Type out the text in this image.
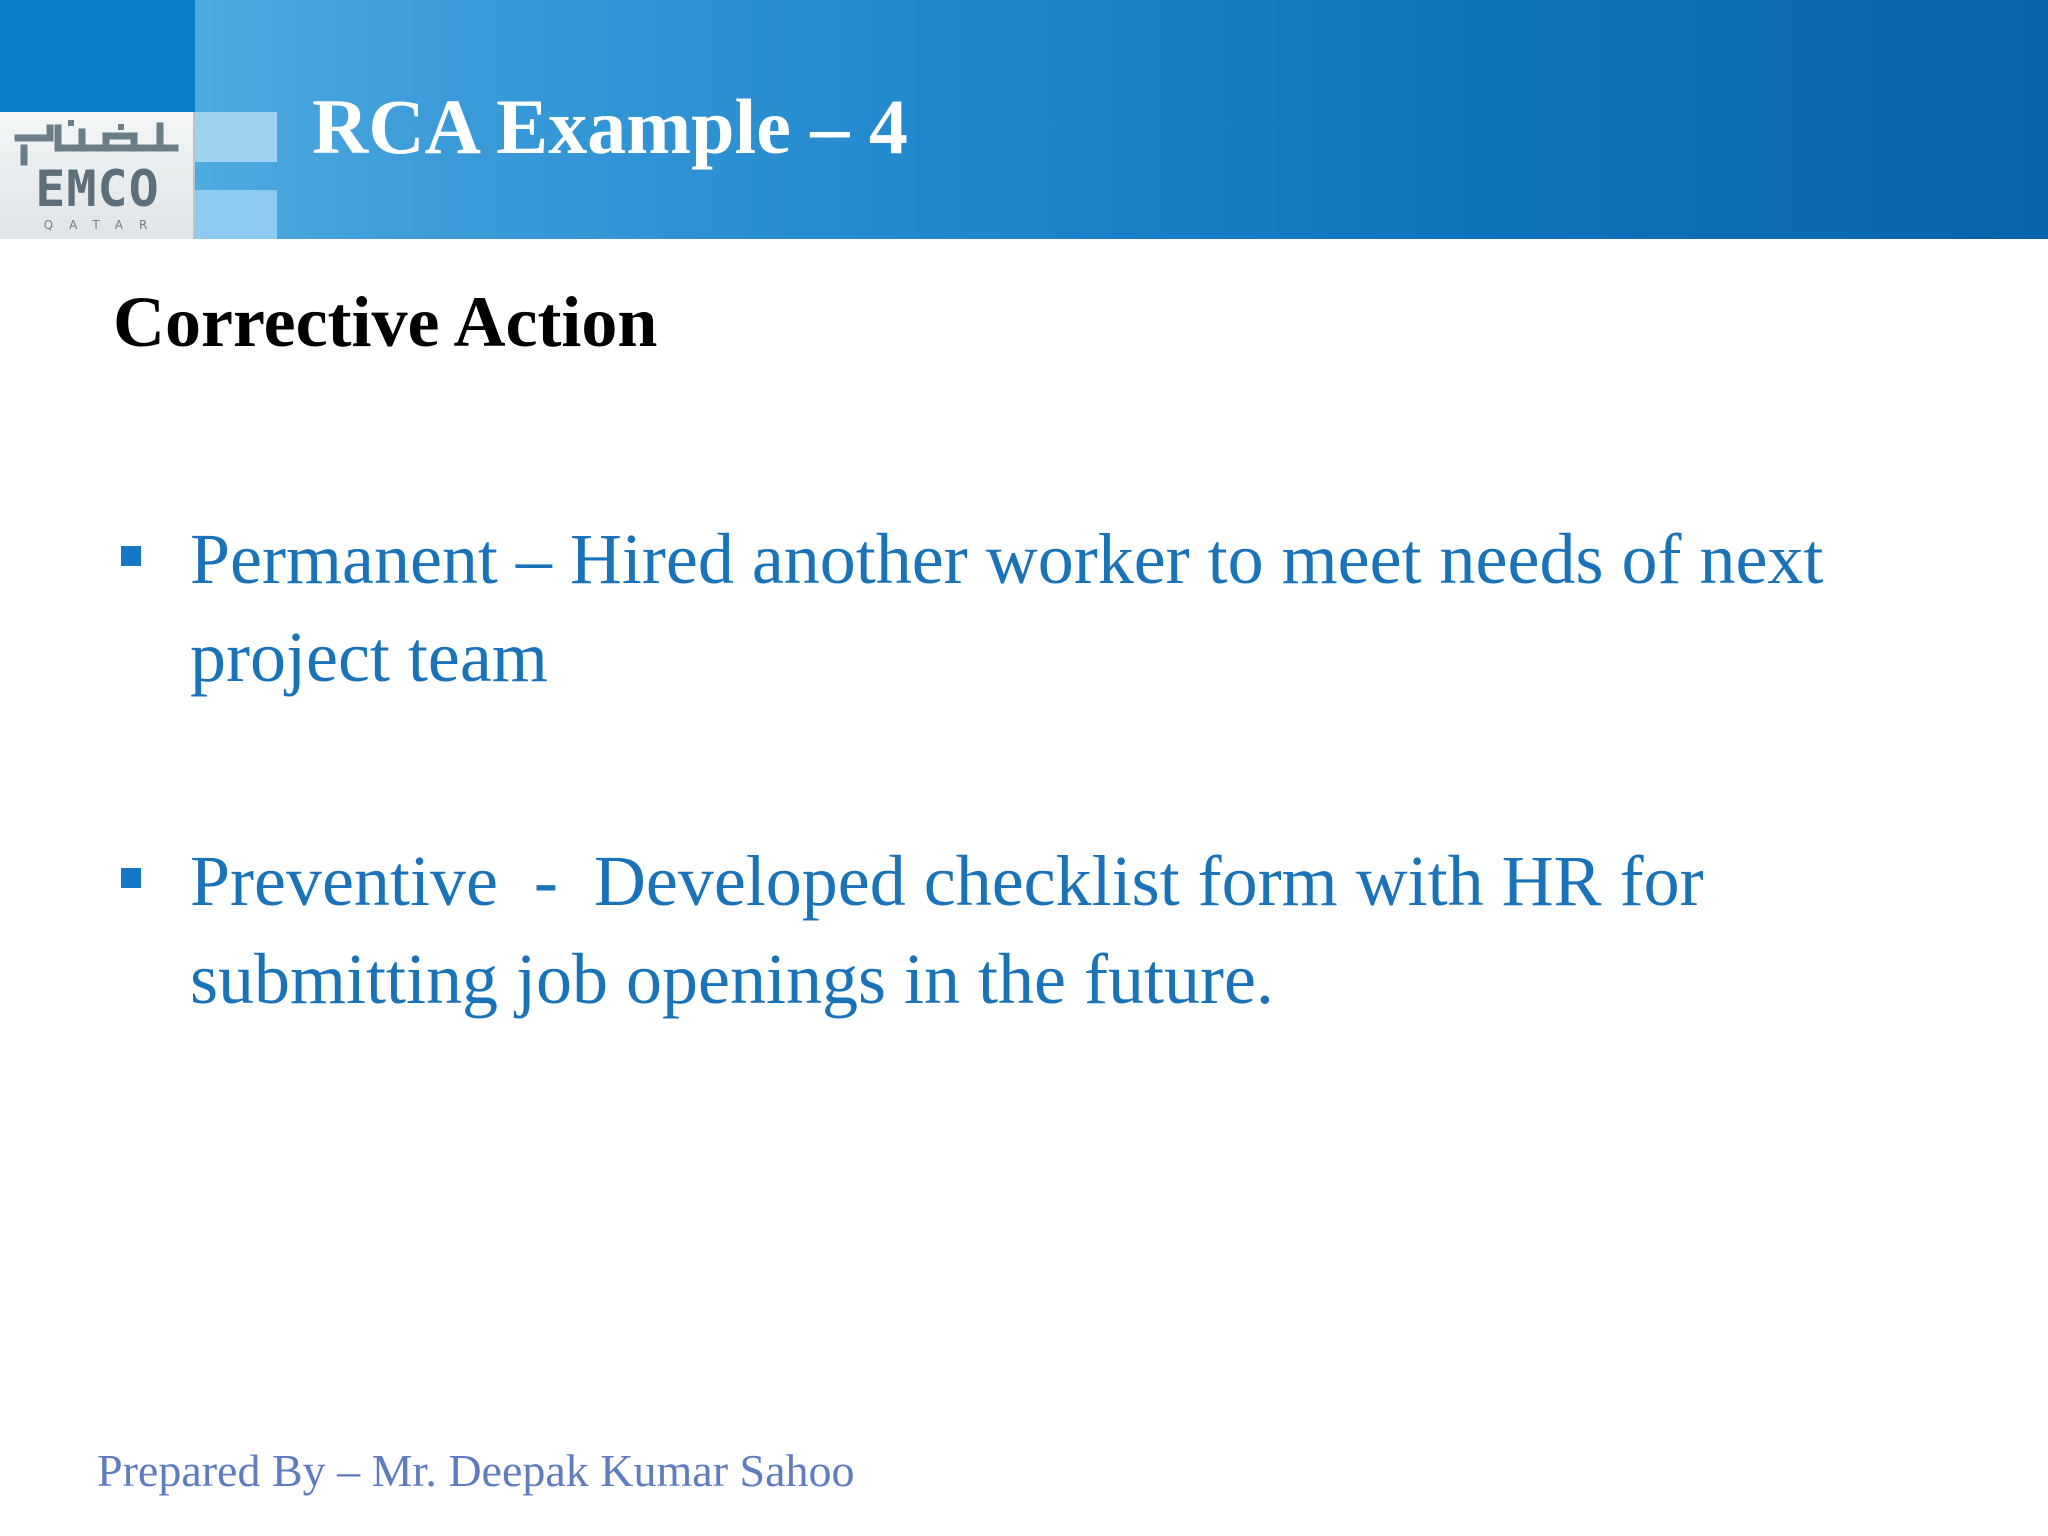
EMCO
QATAR
RCA Example – 4
Corrective Action
Permanent – Hired another worker to meet needs of next project team
Preventive  -  Developed checklist form with HR for submitting job openings in the future.

Prepared By – Mr. Deepak Kumar Sahoo
